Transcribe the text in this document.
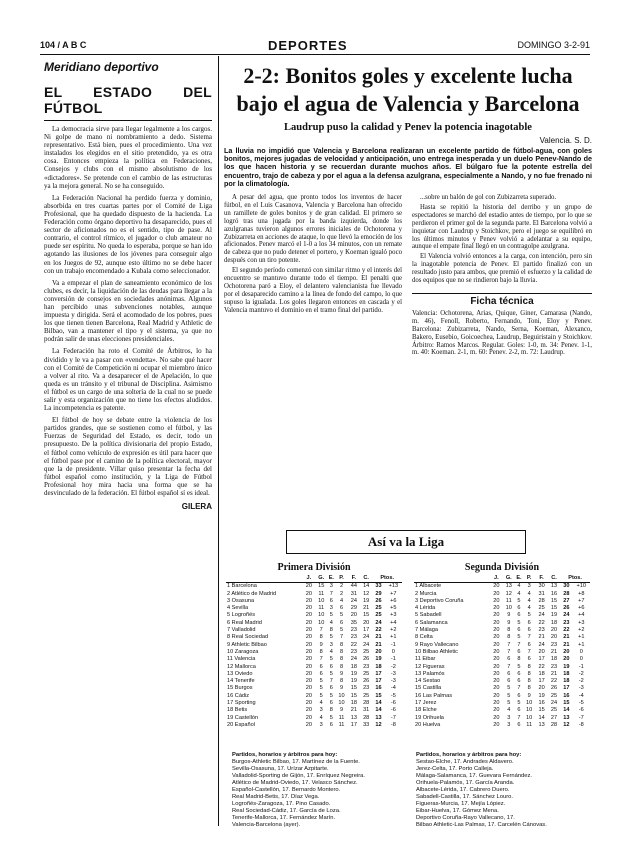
104 / A B C	DEPORTES	DOMINGO 3-2-91
Meridiano deportivo
EL ESTADO DEL FÚTBOL

La democracia sirve para llegar legalmente a los cargos. Ni golpe de mano ni nombramiento a dedo. Sistema representativo. Está bien, pues el procedimiento. Una vez instalados los elegidos en el sitio pretendido, ya es otra cosa. Entonces empieza la política en Federaciones, Consejos y clubs con el mismo absolutismo de los «dictadores». Se pretende con el cambio de las estructuras ya la mejora general. No se ha conseguido.

La Federación Nacional ha perdido fuerza y dominio, absorbida en tres cuartas partes por el Comité de Liga Profesional, que ha quedado dispuesto de la hacienda. La Federación como órgano deportivo ha desaparecido, pues el sector de aficionados no es el sentido, tipo de pase. Al contrario, el control rítmico, el jugador o club amateur no puede ser espíritu. No queda lo esperaba, porque se han ido agotando las ilusiones de los jóvenes para conseguir algo en los Juegos de 92, aunque esto último no se debe hacer con un trabajo encomendado a Kubala como seleccionador.

Va a empezar el plan de saneamiento económico de los clubes, es decir, la liquidación de las deudas para llegar a la conversión de consejos en sociedades anónimas. Algunos han percibido unas subvenciones notables, aunque impuesta y dirigida. Será el acomodado de los pobres, pues los que tienen tienen Barcelona, Real Madrid y Athletic de Bilbao, van a mantener el tipo y el sistema, ya que no podrán salir de unas elecciones presidenciales.

La Federación ha roto el Comité de Árbitros, lo ha dividido y le va a pasar con «vendetta». No sabe qué hacer con el Comité de Competición ni ocupar el miembro único a volver al rito. Va a desaparecer el de Apelación, lo que queda es un tránsito y el tribunal de Disciplina. Asimismo el fútbol es un cargo de una soltería de la cual no se puede salir y esta organización que no tiene los efectos aludidos. La incompetencia es patente.

El fútbol de hoy se debate entre la violencia de los partidos grandes, que se sostienen como el fútbol, y las Fuerzas de Seguridad del Estado, es decir, todo un presupuesto. De la política divisionaria del propio Estado, el fútbol como vehículo de expresión es útil para hacer que el fútbol pase por el camino de la política electoral, mayor que la de presidente. Villar quiso presentar la fecha del fútbol español como institución, y la Liga de Fútbol Profesional hoy mira hacia una forma que se ha desvinculado de la federación. El fútbol español sí es ideal.

GILERA
2-2: Bonitos goles y excelente lucha
bajo el agua de Valencia y Barcelona
Laudrup puso la calidad y Penev la potencia inagotable
Valencia. S. D.
La lluvia no impidió que Valencia y Barcelona realizaran un excelente partido de fútbol-agua, con goles bonitos, mejores jugadas de velocidad y anticipación, uno entrega inesperada y un duelo Penev-Nando de los que hacen historia y se recuerdan durante muchos años. El búlgaro fue la potente estrella del encuentro, trajo de cabeza y por el agua a la defensa azulgrana, especialmente a Nando, y no fue frenado ni por la climatología.

A pesar del agua, que pronto todos los inventos de hacer fútbol, en el Luis Casanova, Valencia y Barcelona han ofrecido un ramillete de goles bonitos y de gran calidad. El primero se logró tras una jugada por la banda izquierda, donde los azulgranas tuvieron algunos errores iniciales de Ochotorena y Zubizarreta en acciones de ataque, lo que llevó la emoción de los aficionados. Penev marcó el 1-0 a los 34 minutos, con un remate de cabeza que no pudo detener el portero, y Koeman igualó poco después con un tiro potente.

El segundo período comenzó con similar ritmo y el interés del encuentro se mantuvo durante todo el tiempo. El penalti que Ochotorena paró a Eloy, el delantero valencianista fue llevado por el desaparecido camino a la línea de fondo del campo, lo que supuso la igualada. Los goles llegaron entonces en cascada y el Valencia mantuvo el dominio en el tramo final del partido.

...sobre un balón de gol con Zubizarreta superado.

Hasta se repitió la historia del derribo y un grupo de espectadores se marchó del estadio antes de tiempo, por lo que se perdieron el primer gol de la segunda parte. El Barcelona volvió a inquietar con Laudrup y Stoichkov, pero el juego se equilibró en los últimos minutos y Penev volvió a adelantar a su equipo, aunque el empate final llegó en un contragolpe azulgrana.

El Valencia volvió entonces a la carga, con intención, pero sin la inagotable potencia de Penev. El partido finalizó con un resultado justo para ambos, que premió el esfuerzo y la calidad de dos equipos que no se rindieron bajo la lluvia.

Ficha técnica

Valencia: Ochotorena, Arias, Quique, Giner, Camarasa (Nando, m. 46), Fenoll, Roberto, Fernando, Toni, Eloy y Penev. Barcelona: Zubizarreta, Nando, Serna, Koeman, Alexanco, Bakero, Eusebio, Goicoechea, Laudrup, Beguiristain y Stoichkov. Árbitro: Ramos Marcos. Regular. Goles: 1-0, m. 34: Penev. 1-1, m. 40: Koeman. 2-1, m. 60: Penev. 2-2, m. 72: Laudrup.

Así va la Liga
Primera División
	J.	G.	E.	P.	F.	C.	Ptos.	
1 Barcelona	20	15	3	2	44	14	33	+13
2 Atlético de Madrid	20	11	7	2	31	12	29	+7
3 Osasuna	20	10	6	4	24	19	26	+6
4 Sevilla	20	11	3	6	29	21	25	+5
5 Logroñés	20	10	5	5	20	15	25	+3
6 Real Madrid	20	10	4	6	35	20	24	+4
7 Valladolid	20	7	8	5	23	17	22	+2
8 Real Sociedad	20	8	5	7	23	24	21	+1
9 Athletic Bilbao	20	9	3	8	22	24	21	-1
10 Zaragoza	20	8	4	8	23	25	20	0
11 Valencia	20	7	5	8	24	26	19	-1
12 Mallorca	20	6	6	8	18	23	18	-2
13 Oviedo	20	6	5	9	19	25	17	-3
14 Tenerife	20	5	7	8	19	26	17	-3
15 Burgos	20	5	6	9	15	23	16	-4
16 Cádiz	20	5	5	10	15	25	15	-5
17 Sporting	20	4	6	10	18	28	14	-6
18 Betis	20	3	8	9	21	31	14	-6
19 Castellón	20	4	5	11	13	28	13	-7
20 Español	20	3	6	11	17	33	12	-8
Segunda División
	J.	G.	E.	P.	F.	C.	Ptos.	
1 Albacete	20	13	4	3	30	13	30	+10
2 Murcia	20	12	4	4	31	16	28	+8
3 Deportivo Coruña	20	11	5	4	28	15	27	+7
4 Lérida	20	10	6	4	25	15	26	+6
5 Sabadell	20	9	6	5	24	19	24	+4
6 Salamanca	20	9	5	6	22	18	23	+3
7 Málaga	20	8	6	6	23	20	22	+2
8 Celta	20	8	5	7	21	20	21	+1
9 Rayo Vallecano	20	7	7	6	24	23	21	+1
10 Bilbao Athletic	20	7	6	7	20	21	20	0
11 Eibar	20	6	8	6	17	18	20	0
12 Figueras	20	7	5	8	22	23	19	-1
13 Palamós	20	6	6	8	18	21	18	-2
14 Sestao	20	6	6	8	17	22	18	-2
15 Castilla	20	5	7	8	20	26	17	-3
16 Las Palmas	20	5	6	9	19	25	16	-4
17 Jerez	20	5	5	10	16	24	15	-5
18 Elche	20	4	6	10	15	25	14	-6
19 Orihuela	20	3	7	10	14	27	13	-7
20 Huelva	20	3	6	11	13	28	12	-8
Partidos, horarios y árbitros para hoy:
Burgos-Athletic Bilbao, 17. Martínez de la Fuente.
Sevilla-Osasuna, 17. Urízar Azpitarte.
Valladolid-Sporting de Gijón, 17. Enríquez Negreira.
Atlético de Madrid-Oviedo, 17. Velasco Sánchez.
Español-Castellón, 17. Bernardo Montero.
Real Madrid-Betis, 17. Díaz Vega.
Logroñés-Zaragoza, 17. Pino Casado.
Real Sociedad-Cádiz, 17. García de Loza.
Tenerife-Mallorca, 17. Fernández Marín.
Valencia-Barcelona (ayer).
Partidos, horarios y árbitros para hoy:
Sestao-Elche, 17. Andrades Aldavero.
Jerez-Celta, 17. Porto Calleja.
Málaga-Salamanca, 17. Guevara Fernández.
Orihuela-Palamós, 17. García Aranda.
Albacete-Lérida, 17. Cabrero Duero.
Sabadell-Castilla, 17. Sánchez Louro.
Figueras-Murcia, 17. Mejía Lópiez.
Eibar-Huelva, 17. Gómez Mena.
Deportivo Coruña-Rayo Vallecano, 17.
Bilbao Athletic-Las Palmas, 17. Carcelén Cánovas.
